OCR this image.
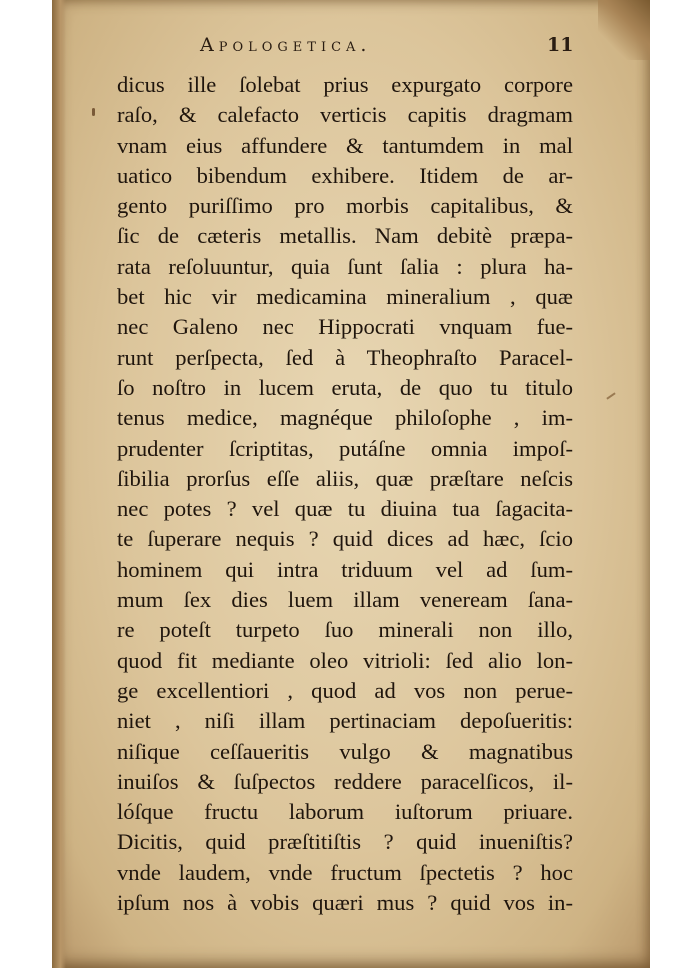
Apologetica.	11
dicus ille ſolebat prius expurgato corpore
raſo, & calefacto verticis capitis dragmam
vnam eius affundere & tantumdem in mal
uatico bibendum exhibere. Itidem de ar-
gento puriſſimo pro morbis capitalibus, &
ſic de cæteris metallis. Nam debitè præpa-
rata reſoluuntur, quia ſunt ſalia : plura ha-
bet hic vir medicamina mineralium , quæ
nec Galeno nec Hippocrati vnquam fue-
runt perſpecta, ſed à Theophraſto Paracel-
ſo noſtro in lucem eruta, de quo tu titulo
tenus medice, magnéque philoſophe , im-
prudenter ſcriptitas, putáſne omnia impoſ-
ſibilia prorſus eſſe aliis, quæ præſtare neſcis
nec potes ? vel quæ tu diuina tua ſagacita-
te ſuperare nequis ? quid dices ad hæc, ſcio
hominem qui intra triduum vel ad ſum-
mum ſex dies luem illam veneream ſana-
re poteſt turpeto ſuo minerali non illo,
quod fit mediante oleo vitrioli: ſed alio lon-
ge excellentiori , quod ad vos non perue-
niet , niſi illam pertinaciam depoſueritis:
niſique ceſſaueritis vulgo & magnatibus
inuiſos & ſuſpectos reddere paracelſicos, il-
lóſque fructu laborum iuſtorum priuare.
Dicitis, quid præſtitiſtis ? quid inueniſtis?
vnde laudem, vnde fructum ſpectetis ? hoc
ipſum nos à vobis quæri mus ? quid vos in-
